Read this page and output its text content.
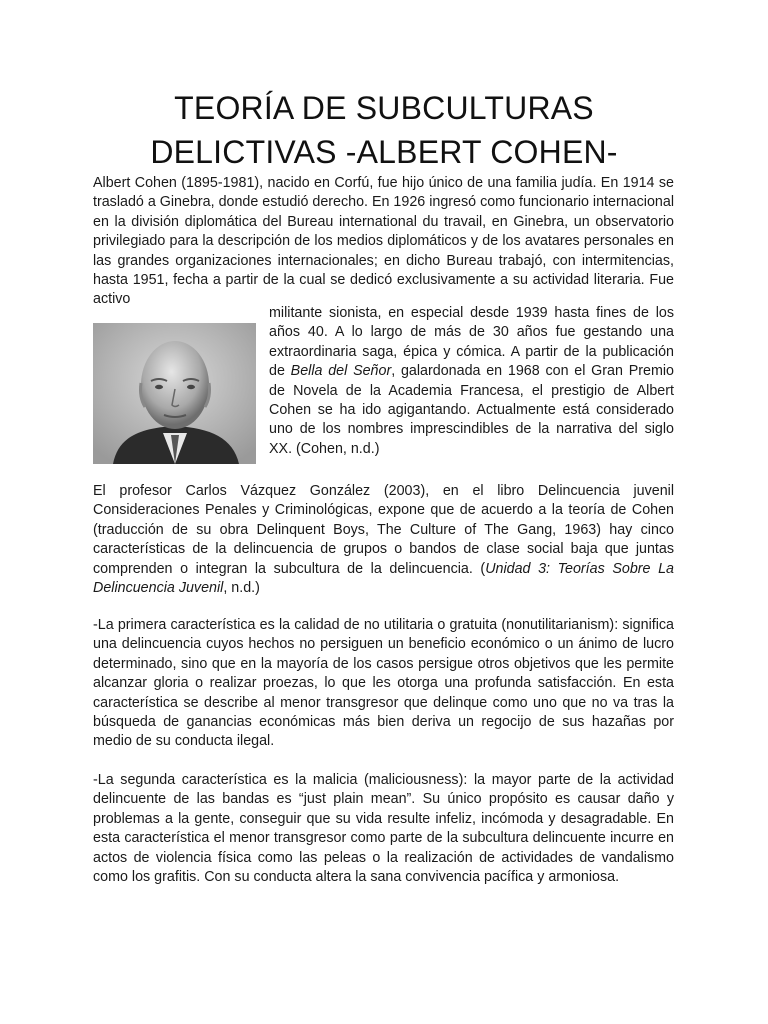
TEORÍA DE SUBCULTURAS
DELICTIVAS -ALBERT COHEN-

Albert Cohen (1895-1981), nacido en Corfú, fue hijo único de una familia judía. En 1914 se trasladó a Ginebra, donde estudió derecho. En 1926 ingresó como funcionario internacional en la división diplomática del Bureau international du travail, en Ginebra, un observatorio privilegiado para la descripción de los medios diplomáticos y de los avatares personales en las grandes organizaciones internacionales; en dicho Bureau trabajó, con intermitencias, hasta 1951, fecha a partir de la cual se dedicó exclusivamente a su actividad literaria. Fue activo

militante sionista, en especial desde 1939 hasta fines de los años 40. A lo largo de más de 30 años fue gestando una extraordinaria saga, épica y cómica. A partir de la publicación de Bella del Señor, galardonada en 1968 con el Gran Premio de Novela de la Academia Francesa, el prestigio de Albert Cohen se ha ido agigantando. Actualmente está considerado uno de los nombres imprescindibles de la narrativa del siglo XX. (Cohen, n.d.)

El profesor Carlos Vázquez González (2003), en el libro Delincuencia juvenil Consideraciones Penales y Criminológicas, expone que de acuerdo a la teoría de Cohen (traducción de su obra Delinquent Boys, The Culture of The Gang, 1963) hay cinco características de la delincuencia de grupos o bandos de clase social baja que juntas comprenden o integran la subcultura de la delincuencia. (Unidad 3: Teorías Sobre La Delincuencia Juvenil, n.d.)

-La primera característica es la calidad de no utilitaria o gratuita (nonutilitarianism): significa una delincuencia cuyos hechos no persiguen un beneficio económico o un ánimo de lucro determinado, sino que en la mayoría de los casos persigue otros objetivos que les permite alcanzar gloria o realizar proezas, lo que les otorga una profunda satisfacción. En esta característica se describe al menor transgresor que delinque como uno que no va tras la búsqueda de ganancias económicas más bien deriva un regocijo de sus hazañas por medio de su conducta ilegal.

-La segunda característica es la malicia (maliciousness): la mayor parte de la actividad delincuente de las bandas es “just plain mean”. Su único propósito es causar daño y problemas a la gente, conseguir que su vida resulte infeliz, incómoda y desagradable. En esta característica el menor transgresor como parte de la subcultura delincuente incurre en actos de violencia física como las peleas o la realización de actividades de vandalismo como los grafitis. Con su conducta altera la sana convivencia pacífica y armoniosa.
